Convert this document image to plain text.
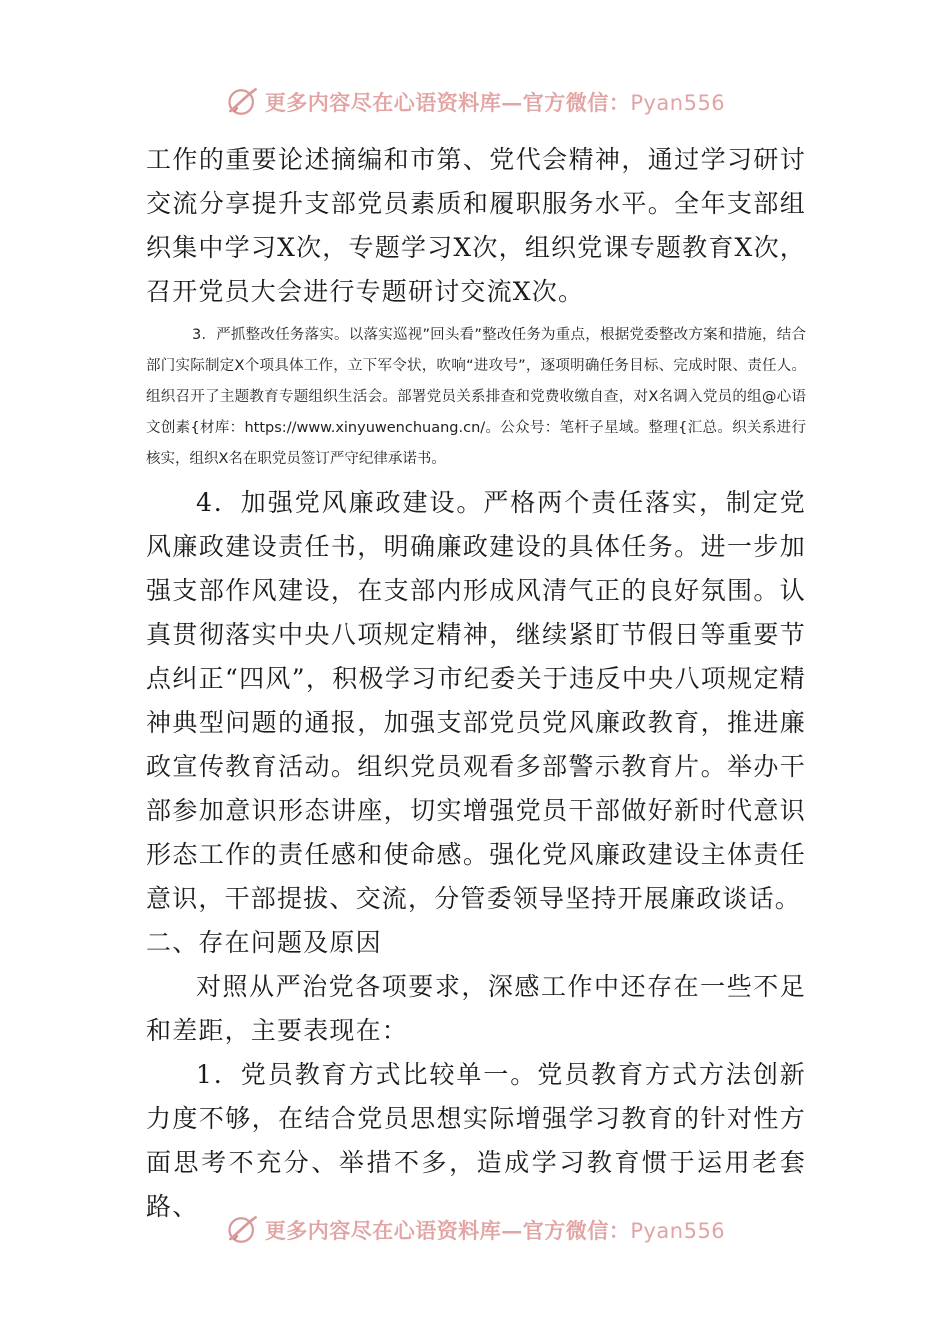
更多内容尽在心语资料库—官方微信：Pyan556

工作的重要论述摘编和市第、党代会精神，通过学习研讨交流分享提升支部党员素质和履职服务水平。全年支部组织集中学习X次，专题学习X次，组织党课专题教育X次，召开党员大会进行专题研讨交流X次。

3．严抓整改任务落实。以落实巡视”回头看”整改任务为重点，根据党委整改方案和措施，结合部门实际制定X个项具体工作，立下军令状，吹响“进攻号”，逐项明确任务目标、完成时限、责任人。组织召开了主题教育专题组织生活会。部署党员关系排查和党费收缴自查，对X名调入党员的组@心语文创素{材库：https://www.xinyuwenchuang.cn/。公众号：笔杆子星域。整理{汇总。织关系进行核实，组织X名在职党员签订严守纪律承诺书。

4．加强党风廉政建设。严格两个责任落实，制定党风廉政建设责任书，明确廉政建设的具体任务。进一步加强支部作风建设，在支部内形成风清气正的良好氛围。认真贯彻落实中央八项规定精神，继续紧盯节假日等重要节点纠正“四风”，积极学习市纪委关于违反中央八项规定精神典型问题的通报，加强支部党员党风廉政教育，推进廉政宣传教育活动。组织党员观看多部警示教育片。举办干部参加意识形态讲座，切实增强党员干部做好新时代意识形态工作的责任感和使命感。强化党风廉政建设主体责任意识，干部提拔、交流，分管委领导坚持开展廉政谈话。

二、存在问题及原因

对照从严治党各项要求，深感工作中还存在一些不足和差距，主要表现在：

1．党员教育方式比较单一。党员教育方式方法创新力度不够，在结合党员思想实际增强学习教育的针对性方面思考不充分、举措不多，造成学习教育惯于运用老套路、

更多内容尽在心语资料库—官方微信：Pyan556
